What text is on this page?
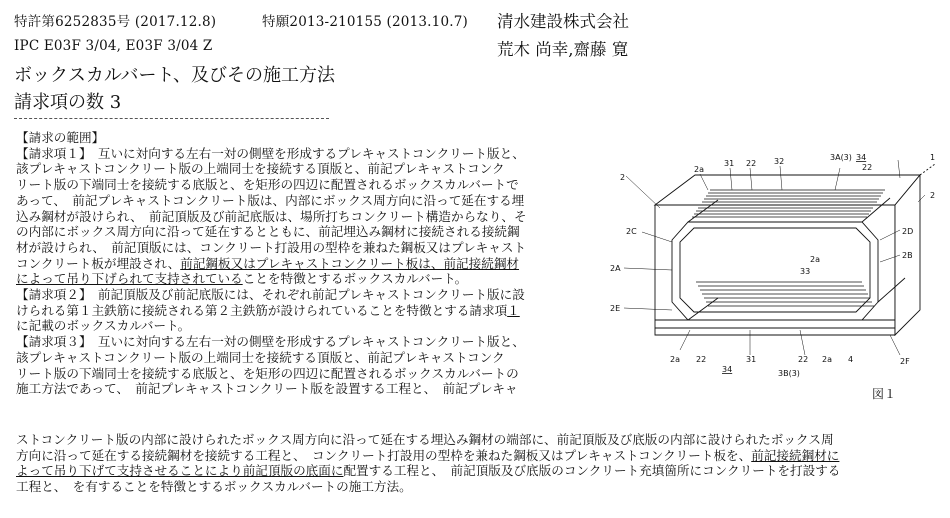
特許第6252835号 (2017.12.8)	特願2013-210155 (2013.10.7) 清水建設株式会社
IPC E03F 3/04, E03F 3/04 Z	荒木 尚幸,齋藤 寛
ボックスカルバート、及びその施工方法
請求項の数 3
【請求の範囲】
【請求項１】　互いに対向する左右一対の側壁を形成するプレキャストコンクリート版と、
該プレキャストコンクリート版の上端同士を接続する頂版と、前記プレキャストコンク
リート版の下端同士を接続する底版と、を矩形の四辺に配置されるボックスカルバートで
あって、　前記プレキャストコンクリート版は、内部にボックス周方向に沿って延在する埋
込み鋼材が設けられ、　前記頂版及び前記底版は、場所打ちコンクリート構造からなり、そ
の内部にボックス周方向に沿って延在するとともに、前記埋込み鋼材に接続される接続鋼
材が設けられ、　前記頂版には、コンクリート打設用の型枠を兼ねた鋼板又はプレキャスト
コンクリート板が埋設され、前記鋼板又はプレキャストコンクリート板は、前記接続鋼材
によって吊り下げられて支持されていることを特徴とするボックスカルバート。
【請求項２】　前記頂版及び前記底版には、それぞれ前記プレキャストコンクリート版に設
けられる第１主鉄筋に接続される第２主鉄筋が設けられていることを特徴とする請求項１
に記載のボックスカルバート。
【請求項３】　互いに対向する左右一対の側壁を形成するプレキャストコンクリート版と、
該プレキャストコンクリート版の上端同士を接続する頂版と、前記プレキャストコンク
リート版の下端同士を接続する底版と、を矩形の四辺に配置されるボックスカルバートの
施工方法であって、　前記プレキャストコンクリート版を設置する工程と、　前記プレキャ
1
2
2
2a
31 22 32	3A(3) 34
22
2C	2D
2a
33
2B
2A
2E
2F
2a 22
34
31	22 2a 4
3B(3)
図１
ストコンクリート版の内部に設けられたボックス周方向に沿って延在する埋込み鋼材の端部に、前記頂版及び底版の内部に設けられたボックス周
方向に沿って延在する接続鋼材を接続する工程と、　コンクリート打設用の型枠を兼ねた鋼板又はプレキャストコンクリート板を、前記接続鋼材に
よって吊り下げて支持させることにより前記頂版の底面に配置する工程と、　前記頂版及び底版のコンクリート充填箇所にコンクリートを打設する
工程と、　を有することを特徴とするボックスカルバートの施工方法。
